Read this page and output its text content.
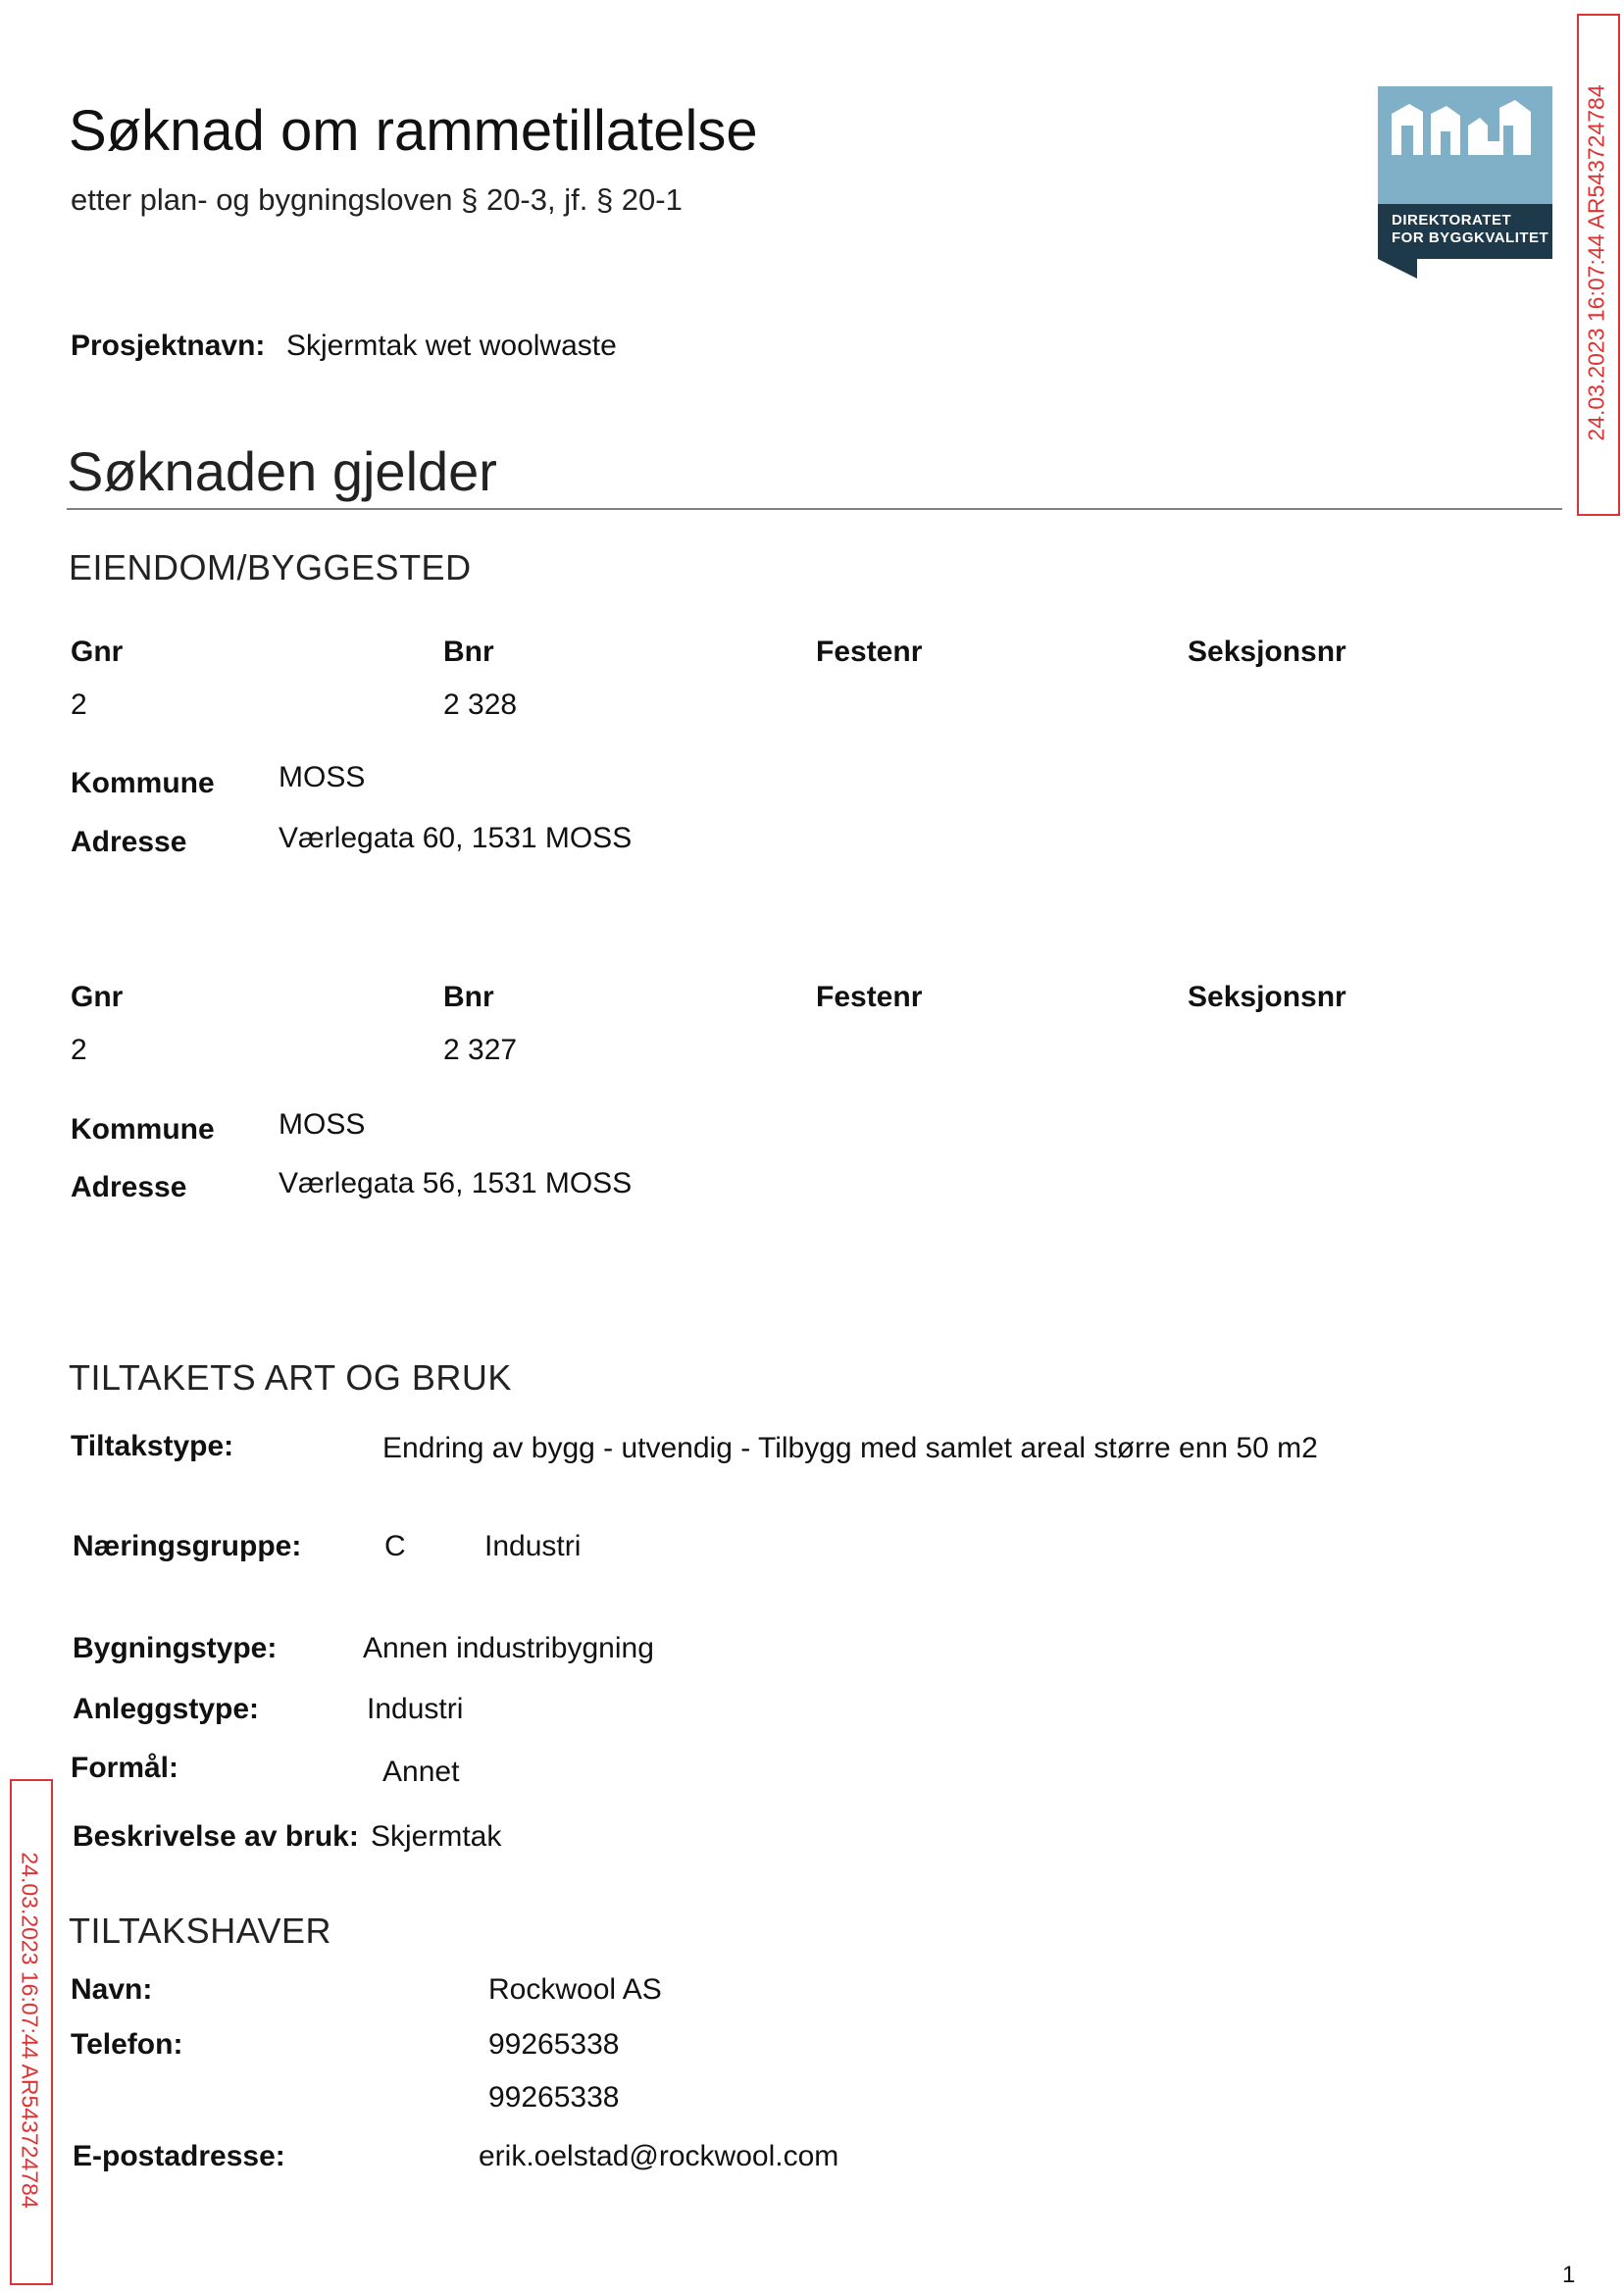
Søknad om rammetillatelse
etter plan- og bygningsloven § 20-3, jf. § 20-1
DIREKTORATET
FOR BYGGKVALITET 24.03.2023 16:07:44 AR543724784
Prosjektnavn: Skjermtak wet woolwaste
Søknaden gjelder
EIENDOM/BYGGESTED
Gnr	Bnr	Festenr	Seksjonsnr
2	2 328
Kommune MOSS
Adresse	Værlegata 60, 1531 MOSS
Gnr	Bnr	Festenr	Seksjonsnr
2	2 327
Kommune MOSS
Adresse	Værlegata 56, 1531 MOSS
TILTAKETS ART OG BRUK
Tiltakstype:	Endring av bygg - utvendig - Tilbygg med samlet areal større enn 50 m2
Næringsgruppe:	C	Industri
Bygningstype:	Annen industribygning
Anleggstype:	Industri
Formål:	Annet
Beskrivelse av bruk: Skjermtak
24.03.2023 16:07:44 AR543724784 TILTAKSHAVER
Navn:	Rockwool AS
Telefon:	99265338
99265338
E-postadresse:	erik.oelstad@rockwool.com
1
